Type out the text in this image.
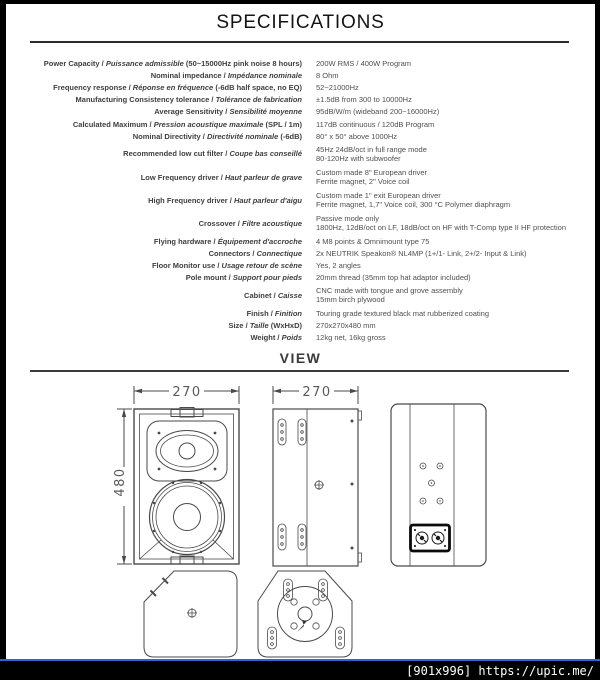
SPECIFICATIONS
Power Capacity / Puissance admissible (50~15000Hz pink noise 8 hours) 200W RMS / 400W Program
Nominal impedance / Impédance nominale 8 Ohm
Frequency response / Réponse en fréquence (-6dB half space, no EQ) 52~21000Hz
Manufacturing Consistency tolerance / Tolérance de fabrication ±1.5dB from 300 to 10000Hz
Average Sensitivity / Sensibilité moyenne 95dB/W/m (wideband 200~16000Hz)
Calculated Maximum / Pression acoustique maximale (SPL / 1m) 117dB continuous / 120dB Program
Nominal Directivity / Directivité nominale (-6dB) 80° x 50° above 1000Hz
Recommended low cut filter / Coupe bas conseillé 45Hz 24dB/oct in full range mode
80-120Hz with subwoofer
Low Frequency driver / Haut parleur de grave Custom made 8" European driver
Ferrite magnet, 2" Voice coil
High Frequency driver / Haut parleur d'aigu Custom made 1" exit European driver
Ferrite magnet, 1,7" Voice coil, 300 °C Polymer diaphragm
Crossover / Filtre acoustique Passive mode only
1800Hz, 12dB/oct on LF, 18dB/oct on HF with T-Comp type II HF protection
Flying hardware / Équipement d'accroche 4 M8 points & Omnimount type 75
Connectors / Connectique 2x NEUTRIK Speakon® NL4MP (1+/1- Link, 2+/2- Input & Link)
Floor Monitor use / Usage retour de scène Yes, 2 angles
Pole mount / Support pour pieds 20mm thread (35mm top hat adaptor included)
Cabinet / Caisse CNC made with tongue and grove assembly
15mm birch plywood
Finish / Finition Touring grade textured black mat rubberized coating
Size / Taille (WxHxD) 270x270x480 mm
Weight / Poids 12kg net, 16kg gross
VIEW
270
480
270
[901x996] https://upic.me/
